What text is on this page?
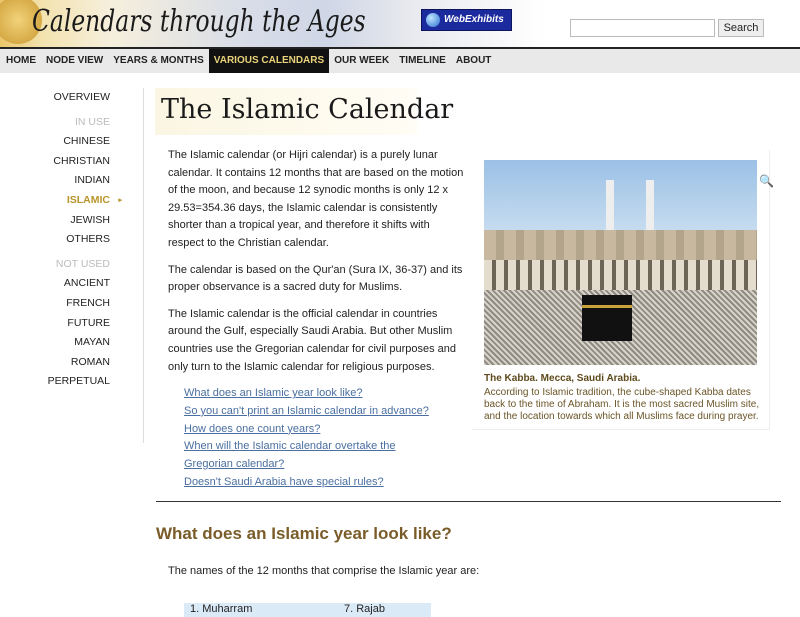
Calendars through the Ages	WebExhibits
Search
HOME	NODE VIEW	YEARS & MONTHS	VARIOUS CALENDARS	OUR WEEK	TIMELINE	ABOUT
OVERVIEW
IN USE
CHINESE
CHRISTIAN
INDIAN
ISLAMIC ▸
JEWISH
OTHERS
NOT USED
ANCIENT
FRENCH
FUTURE
MAYAN
ROMAN
PERPETUAL
The Islamic Calendar
The Islamic calendar (or Hijri calendar) is a purely lunar calendar. It contains 12 months that are based on the motion of the moon, and because 12 synodic months is only 12 x 29.53=354.36 days, the Islamic calendar is consistently shorter than a tropical year, and therefore it shifts with respect to the Christian calendar.
The calendar is based on the Qur'an (Sura IX, 36-37) and its proper observance is a sacred duty for Muslims.
The Islamic calendar is the official calendar in countries around the Gulf, especially Saudi Arabia. But other Muslim countries use the Gregorian calendar for civil purposes and only turn to the Islamic calendar for religious purposes.
What does an Islamic year look like?
So you can't print an Islamic calendar in advance?
How does one count years?
When will the Islamic calendar overtake the Gregorian calendar?
Doesn't Saudi Arabia have special rules?
What does an Islamic year look like?
The names of the 12 months that comprise the Islamic year are:
1. Muharram	7. Rajab
🔍
The Kabba. Mecca, Saudi Arabia.
According to Islamic tradition, the cube-shaped Kabba dates back to the time of Abraham. It is the most sacred Muslim site, and the location towards which all Muslims face during prayer.
